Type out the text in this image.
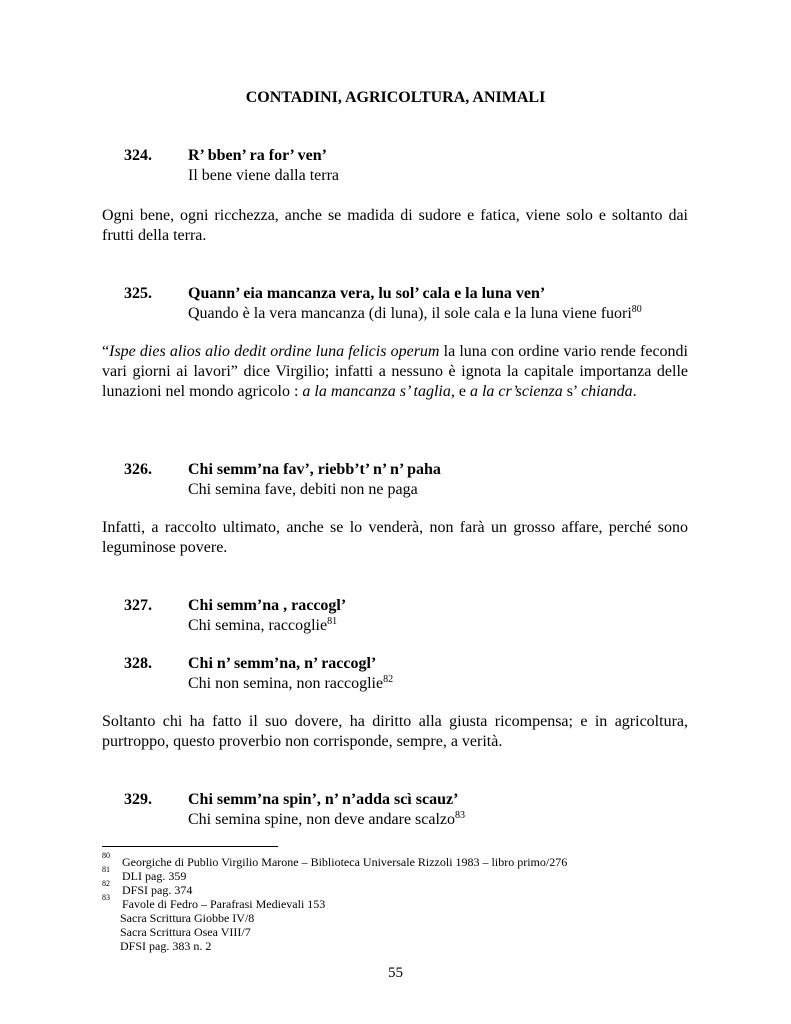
CONTADINI, AGRICOLTURA, ANIMALI
324. R’ bben’ ra for’ ven’
Il bene viene dalla terra

Ogni bene, ogni ricchezza, anche se madida di sudore e fatica, viene solo e soltanto dai frutti della terra.

325. Quann’ eia mancanza vera, lu sol’ cala e la luna ven’
Quando è la vera mancanza (di luna), il sole cala e la luna viene fuori$^{80}$

“Ispe dies alios alio dedit ordine luna felicis operum la luna con ordine vario rende fecondi vari giorni ai lavori” dice Virgilio; infatti a nessuno è ignota la capitale importanza delle lunazioni nel mondo agricolo : a la mancanza s’ taglia, e a la cr’scienza s’ chianda.

326. Chi semm’na fav’, riebb’t’ n’ n’ paha
Chi semina fave, debiti non ne paga

Infatti, a raccolto ultimato, anche se lo venderà, non farà un grosso affare, perché sono leguminose povere.

327. Chi semm’na , raccogl’
Chi semina, raccoglie$^{81}$
328. Chi n’ semm’na, n’ raccogl’
Chi non semina, non raccoglie$^{82}$

Soltanto chi ha fatto il suo dovere, ha diritto alla giusta ricompensa; e in agricoltura, purtroppo, questo proverbio non corrisponde, sempre, a verità.

329. Chi semm’na spin’, n’ n’adda scì scauz’
Chi semina spine, non deve andare scalzo$^{83}$
80 Georgiche di Publio Virgilio Marone – Biblioteca Universale Rizzoli 1983 – libro primo/276
81 DLI pag. 359
82 DFSI pag. 374
83 Favole di Fedro – Parafrasi Medievali 153
Sacra Scrittura Giobbe IV/8
Sacra Scrittura Osea VIII/7
DFSI pag. 383 n. 2
55
